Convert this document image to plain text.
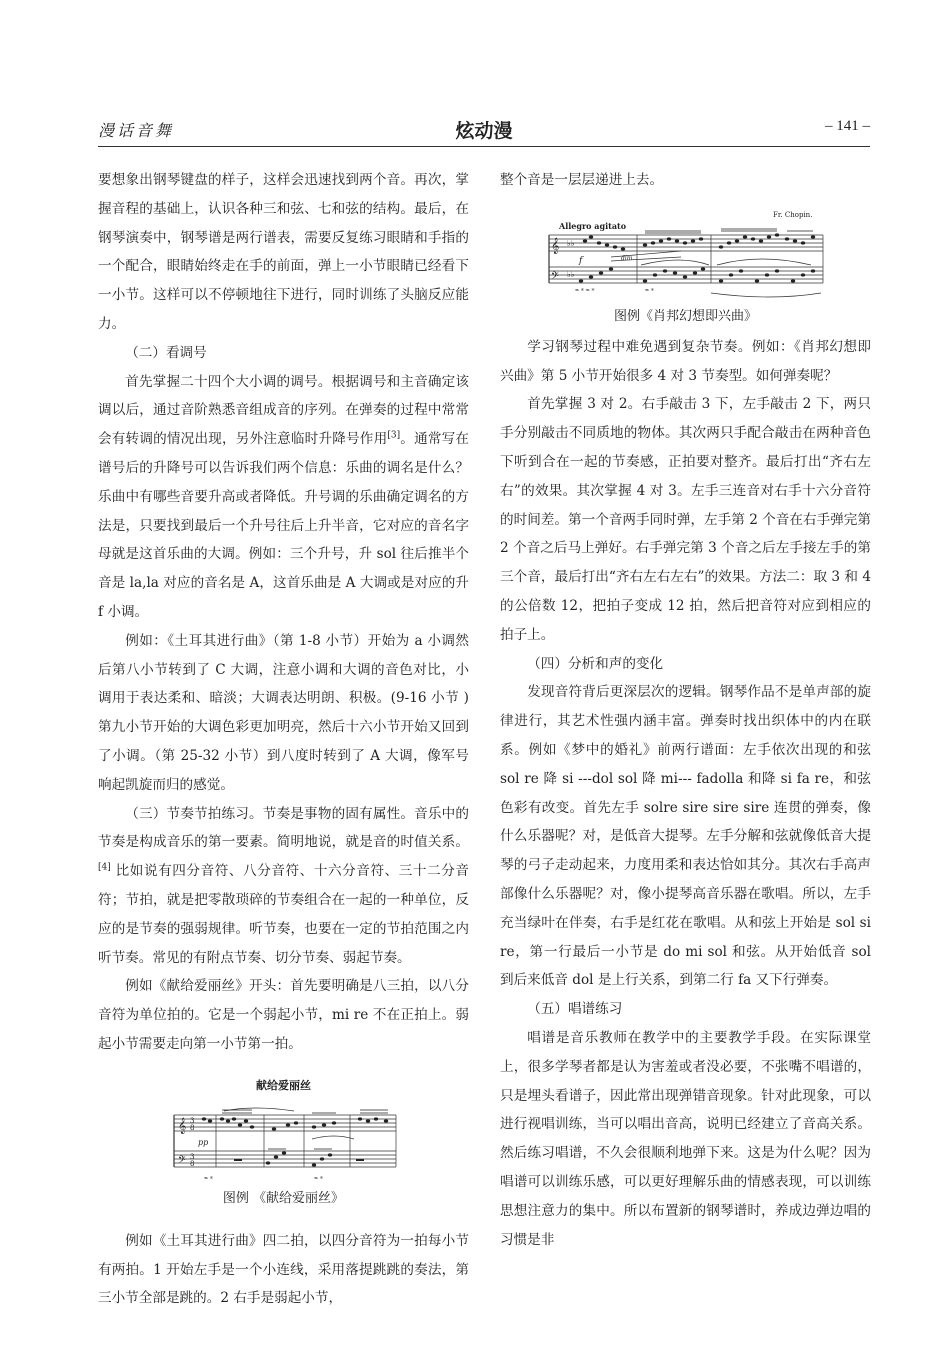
漫话音舞	炫动漫	– 141 –

要想象出钢琴键盘的样子，这样会迅速找到两个音。再次，掌握音程的基础上，认识各种三和弦、七和弦的结构。最后，在钢琴演奏中，钢琴谱是两行谱表，需要反复练习眼睛和手指的一个配合，眼睛始终走在手的前面，弹上一小节眼睛已经看下一小节。这样可以不停顿地往下进行，同时训练了头脑反应能力。

（二）看调号

首先掌握二十四个大小调的调号。根据调号和主音确定该调以后，通过音阶熟悉音组成音的序列。在弹奏的过程中常常会有转调的情况出现，另外注意临时升降号作用[3]。通常写在谱号后的升降号可以告诉我们两个信息：乐曲的调名是什么？乐曲中有哪些音要升高或者降低。升号调的乐曲确定调名的方法是，只要找到最后一个升号往后上升半音，它对应的音名字母就是这首乐曲的大调。例如：三个升号，升 sol 往后推半个音是 la,la 对应的音名是 A，这首乐曲是 A 大调或是对应的升 f 小调。

例如：《土耳其进行曲》（第 1-8 小节）开始为 a 小调然后第八小节转到了 C 大调，注意小调和大调的音色对比，小调用于表达柔和、暗淡；大调表达明朗、积极。(9-16 小节 ) 第九小节开始的大调色彩更加明亮，然后十六小节开始又回到了小调。（第 25-32 小节）到八度时转到了 A 大调，像军号响起凯旋而归的感觉。

（三）节奏节拍练习。节奏是事物的固有属性。音乐中的节奏是构成音乐的第一要素。简明地说，就是音的时值关系。[4] 比如说有四分音符、八分音符、十六分音符、三十二分音符；节拍，就是把零散琐碎的节奏组合在一起的一种单位，反应的是节奏的强弱规律。听节奏，也要在一定的节拍范围之内听节奏。常见的有附点节奏、切分节奏、弱起节奏。

例如《献给爱丽丝》开头：首先要明确是八三拍，以八分音符为单位拍的。它是一个弱起小节，mi re 不在正拍上。弱起小节需要走向第一小节第一拍。

献给爱丽丝
𝄞
𝄢
3
8
3
8
pp
𝆮 *	𝆮 *
图例 《献给爱丽丝》

例如《土耳其进行曲》四二拍，以四分音符为一拍每小节有两拍。1 开始左手是一个小连线，采用落提跳跳的奏法，第三小节全部是跳的。2 右手是弱起小节，

整个音是一层层递进上去。

Fr. Chopin.
Allegro agitato
𝄞
𝄢
♭♭
♭♭
f	dim.
𝆮 * 𝆮 *	𝆮 *
图例《肖邦幻想即兴曲》

学习钢琴过程中难免遇到复杂节奏。例如：《肖邦幻想即兴曲》第 5 小节开始很多 4 对 3 节奏型。如何弹奏呢？

首先掌握 3 对 2。右手敲击 3 下，左手敲击 2 下，两只手分别敲击不同质地的物体。其次两只手配合敲击在两种音色下听到合在一起的节奏感，正拍要对整齐。最后打出“齐右左右”的效果。其次掌握 4 对 3。左手三连音对右手十六分音符的时间差。第一个音两手同时弹，左手第 2 个音在右手弹完第 2 个音之后马上弹好。右手弹完第 3 个音之后左手接左手的第三个音，最后打出“齐右左右左右”的效果。方法二：取 3 和 4 的公倍数 12，把拍子变成 12 拍，然后把音符对应到相应的拍子上。

（四）分析和声的变化

发现音符背后更深层次的逻辑。钢琴作品不是单声部的旋律进行，其艺术性强内涵丰富。弹奏时找出织体中的内在联系。例如《梦中的婚礼》前两行谱面：左手依次出现的和弦 sol re 降 si ---dol sol 降 mi--- fadolla 和降 si fa re，和弦色彩有改变。首先左手 solre sire sire sire 连贯的弹奏，像什么乐器呢？对，是低音大提琴。左手分解和弦就像低音大提琴的弓子走动起来，力度用柔和表达恰如其分。其次右手高声部像什么乐器呢？对，像小提琴高音乐器在歌唱。所以，左手充当绿叶在伴奏，右手是红花在歌唱。从和弦上开始是 sol si re，第一行最后一小节是 do mi sol 和弦。从开始低音 sol 到后来低音 dol 是上行关系，到第二行 fa 又下行弹奏。

（五）唱谱练习

唱谱是音乐教师在教学中的主要教学手段。在实际课堂上，很多学琴者都是认为害羞或者没必要，不张嘴不唱谱的，只是埋头看谱子，因此常出现弹错音现象。针对此现象，可以进行视唱训练，当可以唱出音高，说明已经建立了音高关系。然后练习唱谱，不久会很顺利地弹下来。这是为什么呢？因为唱谱可以训练乐感，可以更好理解乐曲的情感表现，可以训练思想注意力的集中。所以布置新的钢琴谱时，养成边弹边唱的习惯是非
